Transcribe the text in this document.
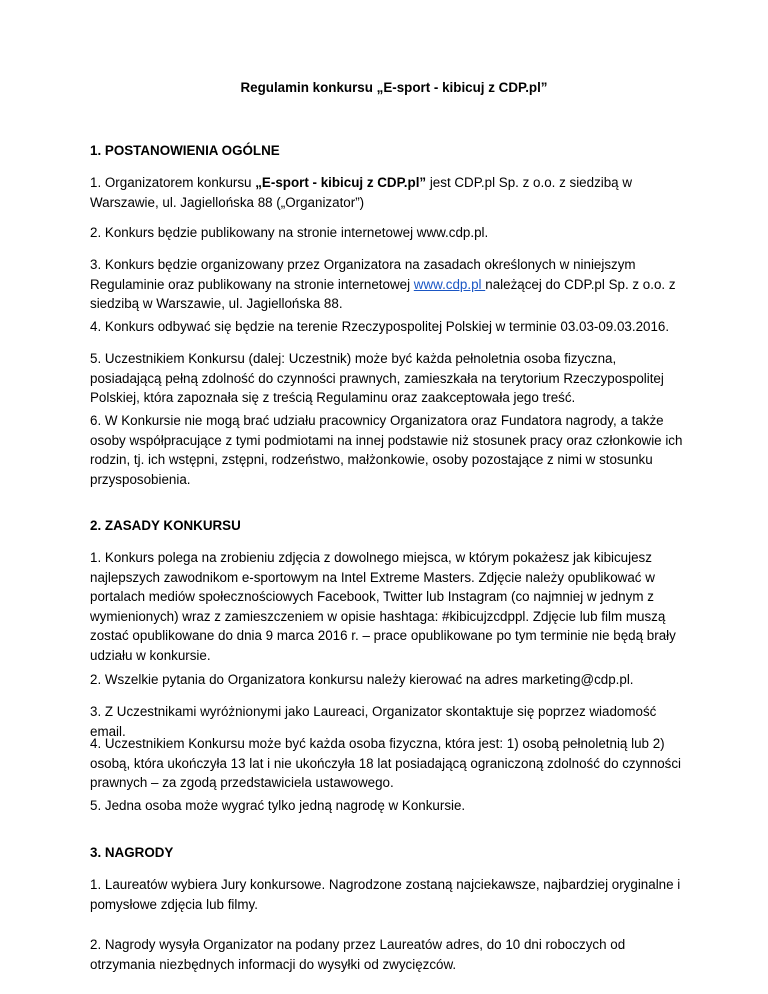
Regulamin konkursu „E-sport - kibicuj z CDP.pl”
1. POSTANOWIENIA OGÓLNE
1. Organizatorem konkursu „E-sport - kibicuj z CDP.pl” jest CDP.pl Sp. z o.o. z siedzibą w Warszawie, ul. Jagiellońska 88 („Organizator”)
2. Konkurs będzie publikowany na stronie internetowej www.cdp.pl.
3. Konkurs będzie organizowany przez Organizatora na zasadach określonych w niniejszym Regulaminie oraz publikowany na stronie internetowej www.cdp.pl należącej do CDP.pl Sp. z o.o. z siedzibą w Warszawie, ul. Jagiellońska 88.
4. Konkurs odbywać się będzie na terenie Rzeczypospolitej Polskiej w terminie 03.03-09.03.2016.
5. Uczestnikiem Konkursu (dalej: Uczestnik) może być każda pełnoletnia osoba fizyczna, posiadającą pełną zdolność do czynności prawnych, zamieszkała na terytorium Rzeczypospolitej Polskiej, która zapoznała się z treścią Regulaminu oraz zaakceptowała jego treść.
6. W Konkursie nie mogą brać udziału pracownicy Organizatora oraz Fundatora nagrody, a także osoby współpracujące z tymi podmiotami na innej podstawie niż stosunek pracy oraz członkowie ich rodzin, tj. ich wstępni, zstępni, rodzeństwo, małżonkowie, osoby pozostające z nimi w stosunku przysposobienia.
2. ZASADY KONKURSU
1. Konkurs polega na zrobieniu zdjęcia z dowolnego miejsca, w którym pokażesz jak kibicujesz najlepszych zawodnikom e-sportowym na Intel Extreme Masters. Zdjęcie należy opublikować w portalach mediów społecznościowych Facebook, Twitter lub Instagram (co najmniej w jednym z wymienionych) wraz z zamieszczeniem w opisie hashtaga: #kibicujzcdppl. Zdjęcie lub film muszą zostać opublikowane do dnia 9 marca 2016 r. – prace opublikowane po tym terminie nie będą brały udziału w konkursie.
2. Wszelkie pytania do Organizatora konkursu należy kierować na adres marketing@cdp.pl.
3. Z Uczestnikami wyróżnionymi jako Laureaci, Organizator skontaktuje się poprzez wiadomość email.
4. Uczestnikiem Konkursu może być każda osoba fizyczna, która jest: 1) osobą pełnoletnią lub 2) osobą, która ukończyła 13 lat i nie ukończyła 18 lat posiadającą ograniczoną zdolność do czynności prawnych – za zgodą przedstawiciela ustawowego.
5. Jedna osoba może wygrać tylko jedną nagrodę w Konkursie.
3. NAGRODY
1. Laureatów wybiera Jury konkursowe. Nagrodzone zostaną najciekawsze, najbardziej oryginalne i pomysłowe zdjęcia lub filmy.
2. Nagrody wysyła Organizator na podany przez Laureatów adres, do 10 dni roboczych od otrzymania niezbędnych informacji do wysyłki od zwycięzców.
